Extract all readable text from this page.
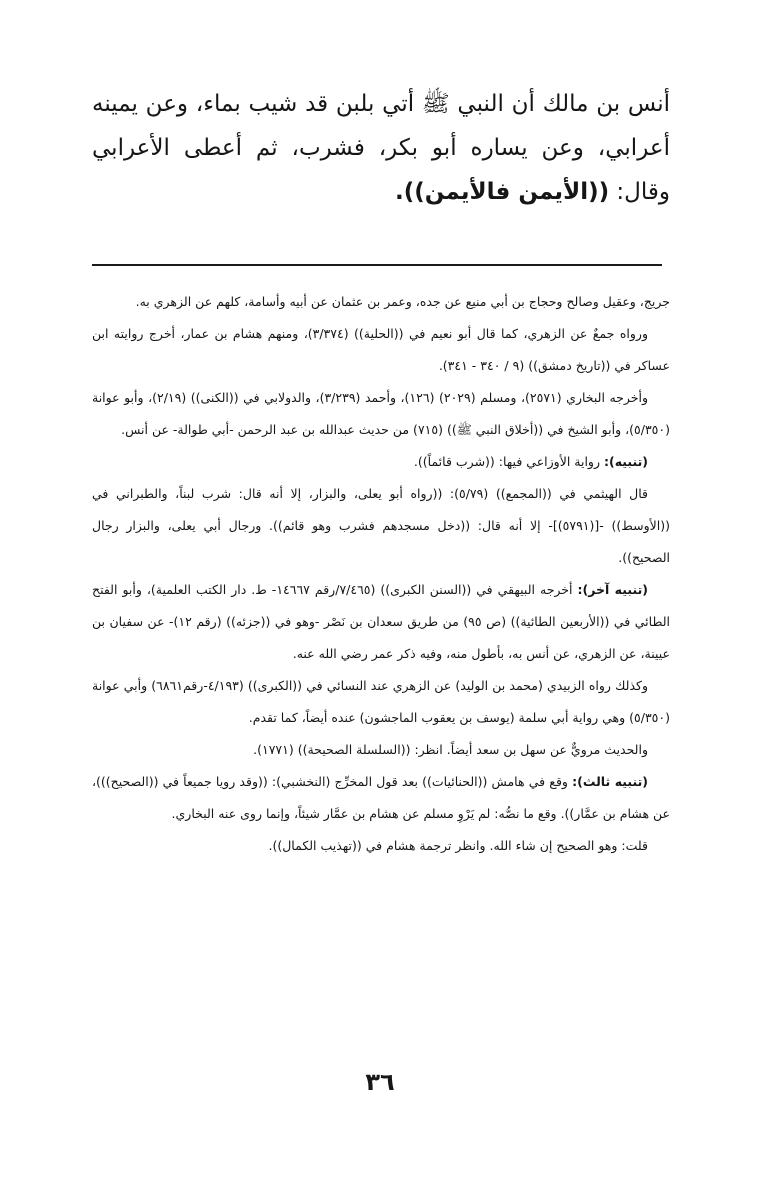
أنس بن مالك أن النبي ﷺ أتي بلبن قد شيب بماء، وعن يمينه أعرابي، وعن يساره أبو بكر، فشرب، ثم أعطى الأعرابي وقال: ((الأيمن فالأيمن)).

جريج، وعقيل وصالح وحجاج بن أبي منيع عن جده، وعمر بن عثمان عن أبيه وأسامة، كلهم عن الزهري به.

ورواه جمعٌ عن الزهري، كما قال أبو نعيم في ((الحلية)) (٣/٣٧٤)، ومنهم هشام بن عمار، أخرج روايته ابن عساكر في ((تاريخ دمشق)) (٩ / ٣٤٠ - ٣٤١).

وأخرجه البخاري (٢٥٧١)، ومسلم (٢٠٢٩) (١٢٦)، وأحمد (٣/٢٣٩)، والدولابي في ((الكنى)) (٢/١٩)، وأبو عوانة (٥/٣٥٠)، وأبو الشيخ في ((أخلاق النبي ﷺ)) (٧١٥) من حديث عبدالله بن عبد الرحمن -أبي طوالة- عن أنس.

(تنبيه): رواية الأوزاعي فيها: ((شرب قائماً)).

قال الهيثمي في ((المجمع)) (٥/٧٩): ((رواه أبو يعلى، والبزار، إلا أنه قال: شرب لبناً، والطبراني في ((الأوسط)) -[(٥٧٩١)]- إلا أنه قال: ((دخل مسجدهم فشرب وهو قائم)). ورجال أبي يعلى، والبزار رجال الصحيح)).

(تنبيه آخر): أخرجه البيهقي في ((السنن الكبرى)) (٧/٤٦٥/رقم ١٤٦٦٧- ط. دار الكتب العلمية)، وأبو الفتح الطائي في ((الأربعين الطائية)) (ص ٩٥) من طريق سعدان بن نَصْر -وهو في ((جزئه)) (رقم ١٢)- عن سفيان بن عيينة، عن الزهري، عن أنس به، بأطول منه، وفيه ذكر عمر رضي الله عنه.

وكذلك رواه الزبيدي (محمد بن الوليد) عن الزهري عند النسائي في ((الكبرى)) (٤/١٩٣-رقم٦٨٦١) وأبي عوانة (٥/٣٥٠) وهي رواية أبي سلمة (يوسف بن يعقوب الماجشون) عنده أيضاً، كما تقدم.

والحديث مرويٌّ عن سهل بن سعد أيضاً. انظر: ((السلسلة الصحيحة)) (١٧٧١).

(تنبيه ثالث): وقع في هامش ((الحنائيات)) بعد قول المخرِّج (النخشبي): ((وقد رويا جميعاً في ((الصحيح)))، عن هشام بن عمَّار)). وقع ما نصُّه: لم يَرْوِ مسلم عن هشام بن عمَّار شيئاً، وإنما روى عنه البخاري.

قلت: وهو الصحيح إن شاء الله. وانظر ترجمة هشام في ((تهذيب الكمال)).

٣٦
